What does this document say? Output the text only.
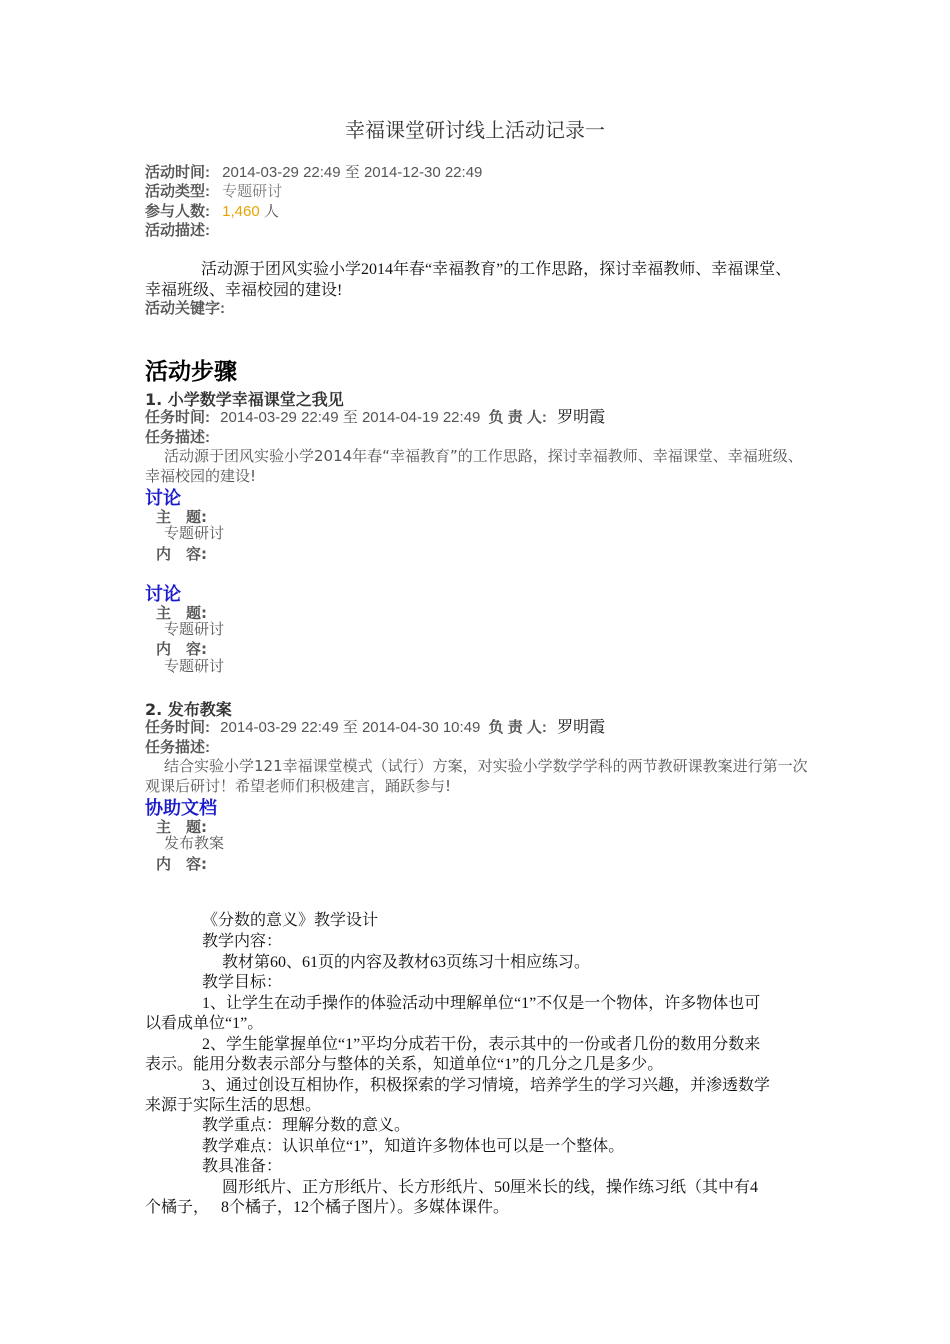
幸福课堂研讨线上活动记录一
活动时间: 2014-03-29 22:49 至 2014-12-30 22:49
活动类型: 专题研讨
参与人数: 1,460 人
活动描述:
活动源于团风实验小学2014年春“幸福教育”的工作思路，探讨幸福教师、幸福课堂、幸福班级、幸福校园的建设!
活动关键字:
活动步骤
1. 小学数学幸福课堂之我见
任务时间: 2014-03-29 22:49 至 2014-04-19 22:49 负 责 人: 罗明霞
任务描述:
活动源于团风实验小学2014年春“幸福教育”的工作思路，探讨幸福教师、幸福课堂、幸福班级、幸福校园的建设!
讨论
主　题:
专题研讨
内　容:
讨论
主　题:
专题研讨
内　容:
专题研讨
2. 发布教案
任务时间: 2014-03-29 22:49 至 2014-04-30 10:49 负 责 人: 罗明霞
任务描述:
结合实验小学121幸福课堂模式（试行）方案，对实验小学数学学科的两节教研课教案进行第一次观课后研讨！希望老师们积极建言，踊跃参与!
协助文档
主　题:
发布教案
内　容:
《分数的意义》教学设计
教学内容：
教材第60、61页的内容及教材63页练习十相应练习。
教学目标：
1、让学生在动手操作的体验活动中理解单位“1”不仅是一个物体，许多物体也可
以看成单位“1”。
2、学生能掌握单位“1”平均分成若干份，表示其中的一份或者几份的数用分数来
表示。能用分数表示部分与整体的关系，知道单位“1”的几分之几是多少。
3、通过创设互相协作，积极探索的学习情境，培养学生的学习兴趣，并渗透数学
来源于实际生活的思想。
教学重点：理解分数的意义。
教学难点：认识单位“1”，知道许多物体也可以是一个整体。
教具准备：
圆形纸片、正方形纸片、长方形纸片、50厘米长的线，操作练习纸（其中有4
个橘子，　 8个橘子，12个橘子图片）。多媒体课件。
